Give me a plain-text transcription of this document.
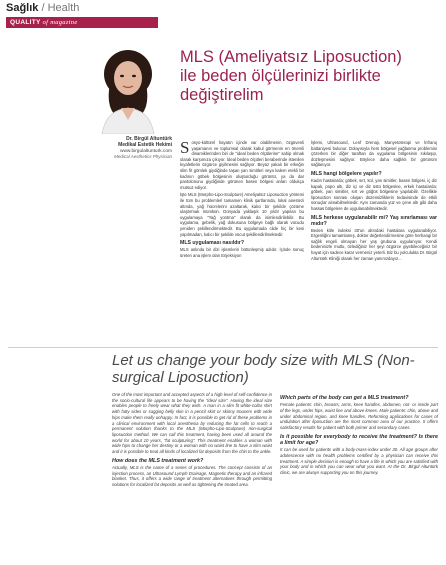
Sağlık / Health
QUALITY of magazine
Dr. Birgül Altuntürk
Medikal Estetik Hekimi
www.birgulaltunturk.com
Medical Aesthetics Physician
MLS (Ameliyatsız Liposuction) ile beden ölçülerinizi birlikte değiştirelim

Sosyo-kültürel hayatın içinde var olabilmenin, özgüvenli yaşamanın ve toplumsal olarak kabul görmenin en önemli dinamiklerinden biri de "ideal beden ölçülerine" sahip olmak olarak karşımıza çıkıyor. İdeal beden ölçüleri beraberinde istenilen kıyafetlerin özgürce giyilmesini sağlıyor. Beyaz yakalı bir erkeğin slim fit gömlek giydiğinde taşan yan simitleri veya kalem etekli bir kadının göbek bölgesinin oluşturduğu görüntü, ya da dar pantolonunu giydiğinde görünen basen bölgesi anları oldukça mutsuz ediyor.

İşte MLS (Morpho-Lipo-Sculpture) Ameliyatsız Liposuction yöntemi ile tüm bu problemleri tamamen klinik şartlarında, lokal anestezi altında, yağ hücrelerini azaltarak, kalıcı bir şekilde çözüme ulaştırmak mümkün. Dünyada yaklaşık 10 yıldır yapılan bu uygulamaya "Yağ yontma" olarak da isimlendirilebilir. Bu uygulama, gebelik, yağ dokusuna bölgeye bağlı olarak vücudu yeniden şekillendirmektedir. Bu uygulamada cilde hiç bir kesi yapılmadan, kalıcı bir şekilde vücut şekillendirilmektedir.

MLS uygulaması nasıldır?

MLS aslında bir dizi işlemlerin bütünleşmiş adıdır. İçinde sonuç üreten ana işlem olan Enjeksiyon

İşlemi, Ultrasound, Lenf Drenajı, Manyetoterapi ve İnfraruj battaniyesi bulunur. Dolayısıyla hem bölgesel yağlanma problemini çözerken bir diğer taraftan da uygulama bölgesinin sıkılaşıp, düzleşmesini sağlıyor. Böylece daha sağlıklı bir görünüm sağlanıyor.

MLS hangi bölgelere yapılır?

Kadın hastalarda; göbek, sırt, kol, yan simitler, basen bölgesi, iç diz kapak, popo altı, diz içi ve diz üstü bölgesine, erkek hastalarda; göbek, yan simitler, sırt ve göğüs bölgesine yapılabilir. Özellikle liposuction sonrası oluşan düzensizliklerin tedavisinde de etkili sonuçlar alınabilmektedir. Aynı zamanda yüz ve çene altı gibi daha hassas bölgelere de uygulanabilmektedir.

MLS herkese uygulanabilir mi? Yaş sınırlaması var mıdır?

Beden kitle indeksi 30'un altındaki hastalara uygulanabiliyor. Ergenliğini tamamlamış, doktor değerlendirmesine göre herhangi bir sağlık engeli olmayan her yaş grubuna uygulanıyor. Kendi bedeninizle mutlu, özlediğiniz her şeyi özgürce giyebileceğiniz bir hayat için sadece karar vermeniz yeterli. Biz bu yolculukta Dr. Birgül Altuntürk Kliniği olarak her zaman yanınızdayız...

Let us change your body size with MLS (Non-surgical Liposuction)

One of the most important and accepted aspects of a high level of self-confidence in the socio-cultural life appears to be having the "ideal size". Having the ideal size enables people to freely wear what they wish. A man in a slim fit white-collar shirt with fatty sides or sagging belly skin in a pencil skirt or skinny trousers with wide hips make them really unhappy. In fact, it is possible to get rid of these problems in a clinical environment with local anesthesia by reducing the fat cells to reach a permanent solution thanks to the MLS (Morpho-Lipo-Sculpture) non-surgical liposuction method. We can call this treatment, having been used all around the world for about 10 years, "fat sculpturing". This treatment enables a woman with wide hips to change her destiny or a woman with no waist line to have a slim waist and it is possible to treat all kinds of localized fat deposits from the chin to the ankle.

How does the MLS treatment work?

Actually, MLS is the name of a series of procedures. The concept consists of an injection process, an Ultrasound Lymph Drainage, Magnetic therapy and an infrared blanket. Thus, it offers a wide range of treatment alternatives through permitting solutions for localized fat deposits as well as tightening the treated area.

Which parts of the body can get a MLS treatment?

Female patients: chin, breasts, arms, knee handles, abdomen, not- or inside part of the legs, under hips, waist line and above knees. Male patients: chin, above and under abdominal region, and knee handles. Reforming applications for cases of undulation after liposuction are the most common area of our practice. It offers satisfactory results for patient with both primer and secondary cases.

Is it possible for everybody to receive the treatment? Is there a limit for age?

It can be used for patients with a body-mass-index under 30. All age groups after adolescence with no health problems certified by a physician can receive this treatment. A simple decision is enough to have a life in which you are satisfied with your body and in which you can wear what you want. At the Dr. Birgül Altuntürk clinic, we are always supporting you on this journey.
